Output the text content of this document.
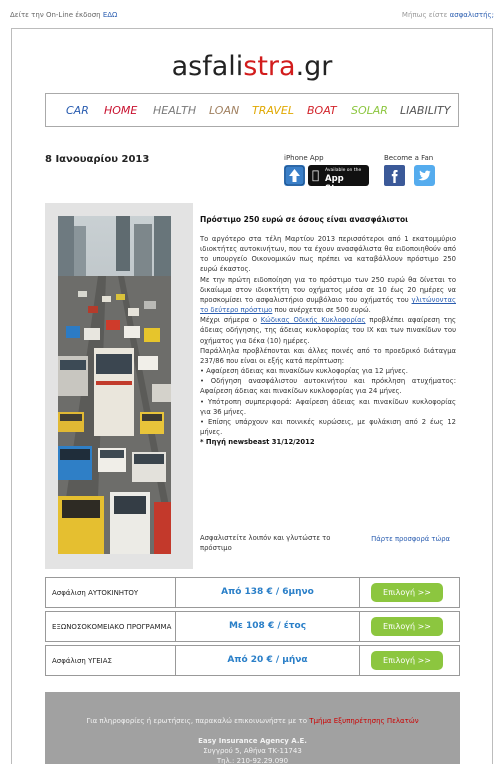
Δείτε την On-Line έκδοση ΕΔΩ	Μήπως είστε ασφαλιστής;
asfalistra.gr
CAR HOME HEALTH LOAN TRAVEL BOAT SOLAR LIABILITY
8 Ιανουαρίου 2013	iPhone App	Become a Fan
Available on the
App Store
Πρόστιμο 250 ευρώ σε όσους είναι ανασφάλιστοι
Το αργότερο στα τέλη Μαρτίου 2013 περισσότεροι από 1 εκατομμύριο ιδιοκτήτες αυτοκινήτων, που τα έχουν ανασφάλιστα θα ειδοποιηθούν από το υπουργείο Οικονομικών πως πρέπει να καταβάλλουν πρόστιμο 250 ευρώ έκαστος.
Με την πρώτη ειδοποίηση για το πρόστιμο των 250 ευρώ θα δίνεται το δικαίωμα στον ιδιοκτήτη του οχήματος μέσα σε 10 έως 20 ημέρες να προσκομίσει το ασφαλιστήριο συμβόλαιο του οχήματός του γλιτώνοντας το δεύτερο πρόστιμο που ανέρχεται σε 500 ευρώ.
Μέχρι σήμερα ο Κώδικας Οδικής Κυκλοφορίας προβλέπει αφαίρεση της άδειας οδήγησης, της άδειας κυκλοφορίας του ΙΧ και των πινακίδων του οχήματος για δέκα (10) ημέρες.
Παράλληλα προβλέπονται και άλλες ποινές από το προεδρικό διάταγμα 237/86 που είναι οι εξής κατά περίπτωση:
• Αφαίρεση άδειας και πινακίδων κυκλοφορίας για 12 μήνες.
• Οδήγηση ανασφάλιστου αυτοκινήτου και πρόκληση ατυχήματος: Αφαίρεση άδειας και πινακίδων κυκλοφορίας για 24 μήνες.
• Υπότροπη συμπεριφορά: Αφαίρεση άδειας και πινακίδων κυκλοφορίας για 36 μήνες.
• Επίσης υπάρχουν και ποινικές κυρώσεις, με φυλάκιση από 2 έως 12 μήνες.
* Πηγή newsbeast 31/12/2012
Ασφαλιστείτε λοιπόν και γλυτώστε το πρόστιμο
Πάρτε προσφορά τώρα
Ασφάλιση ΑΥΤΟΚΙΝΗΤΟΥ	Από 138 € / 6μηνο	Επιλογή >>
ΕΞΩΝΟΣΟΚΟΜΕΙΑΚΟ ΠΡΟΓΡΑΜΜΑ	Με 108 € / έτος	Επιλογή >>
Ασφάλιση ΥΓΕΙΑΣ	Από 20 € / μήνα	Επιλογή >>
Για πληροφορίες ή ερωτήσεις, παρακαλώ επικοινωνήστε με το Τμήμα Εξυπηρέτησης Πελατών
Easy Insurance Agency A.E.
Συγγρού 5, Αθήνα ΤΚ-11743
Τηλ.: 210-92.29.090
